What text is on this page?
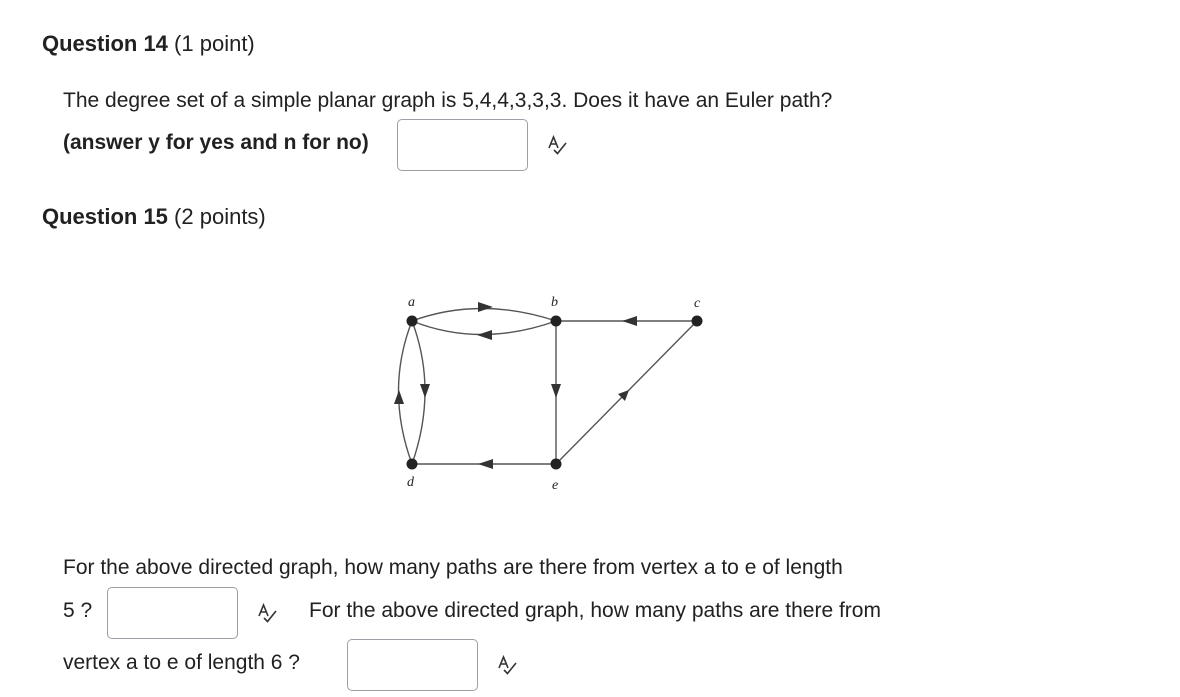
Question 14 (1 point)
The degree set of a simple planar graph is 5,4,4,3,3,3. Does it have an Euler path?
(answer y for yes and n for no)
Question 15 (2 points)
a	b	c
d	e
For the above directed graph, how many paths are there from vertex a to e of length
5 ?	For the above directed graph, how many paths are there from
vertex a to e of length 6 ?
